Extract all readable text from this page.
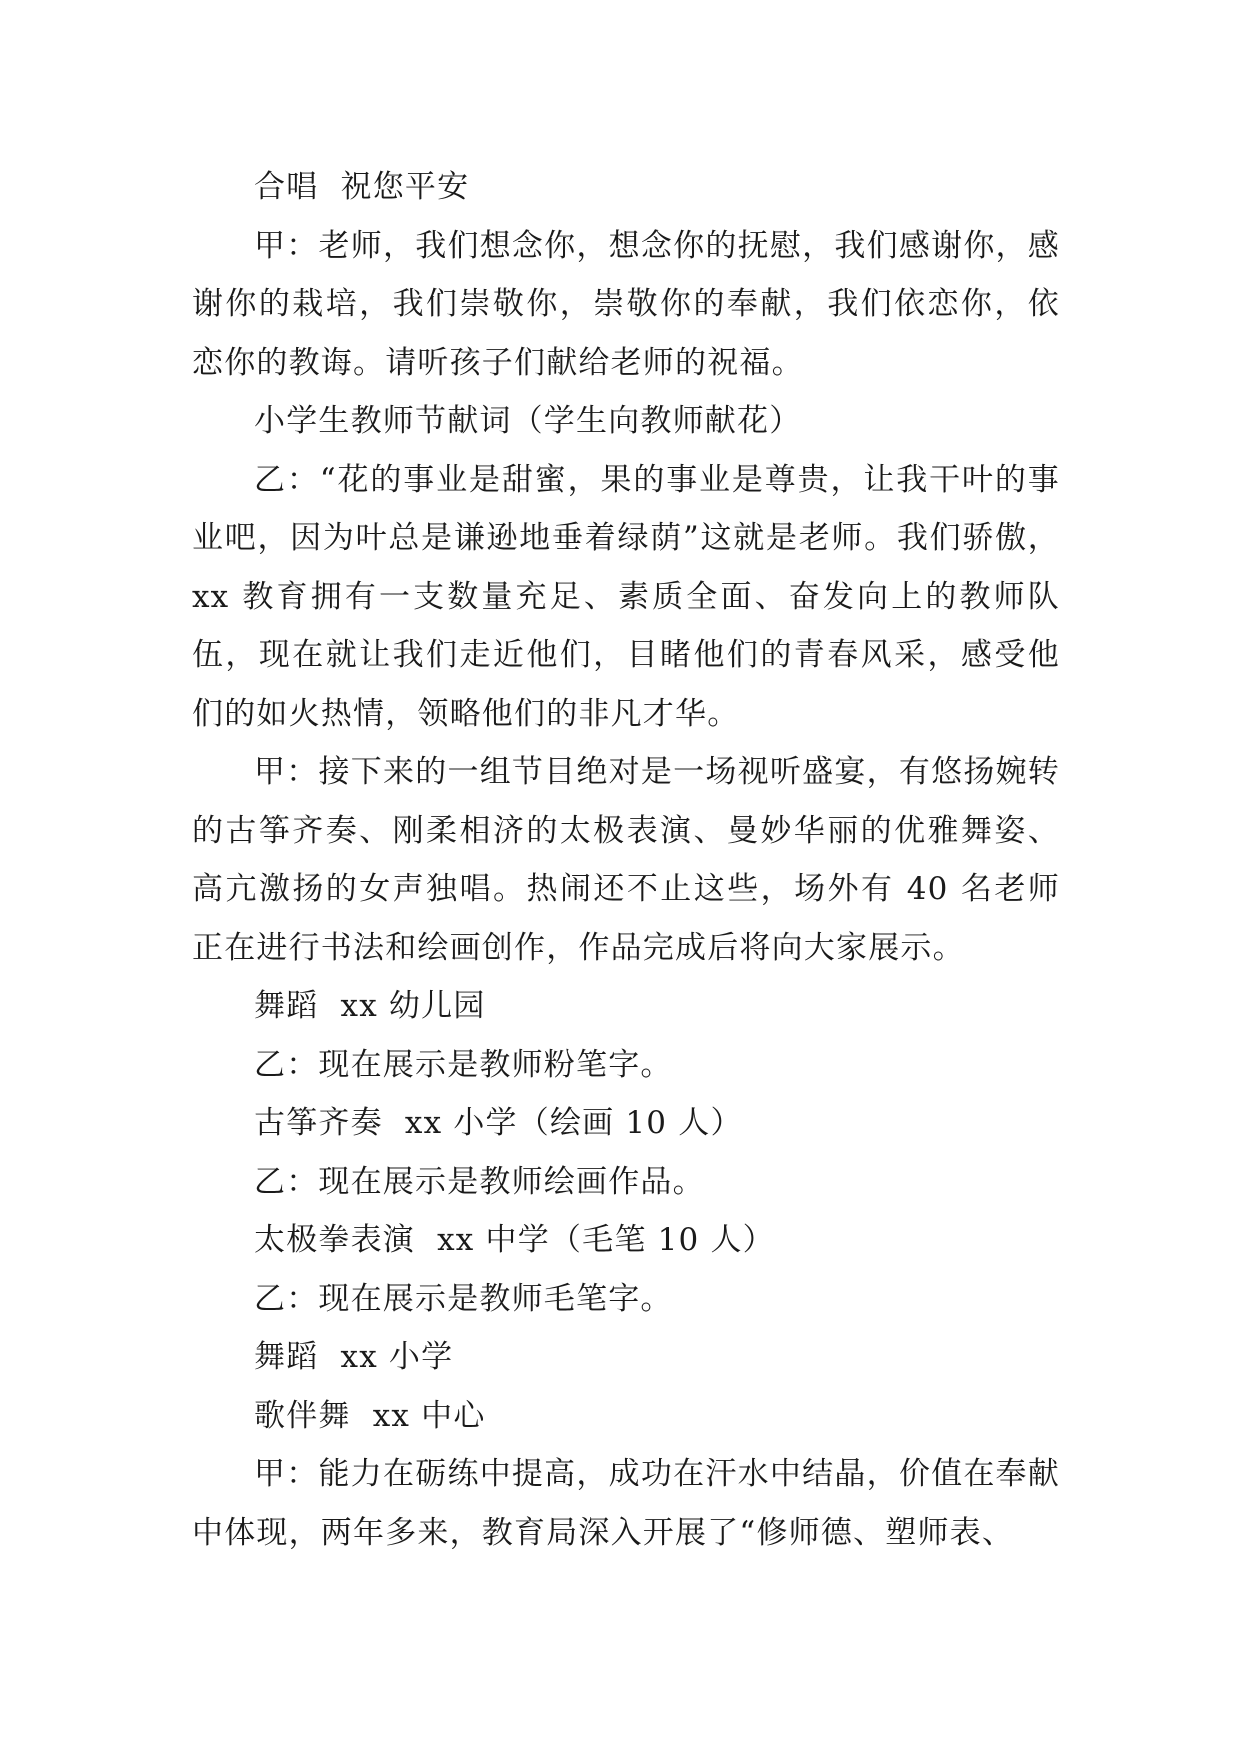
合唱  祝您平安

甲：老师，我们想念你，想念你的抚慰，我们感谢你，感谢你的栽培，我们崇敬你，崇敬你的奉献，我们依恋你，依恋你的教诲。请听孩子们献给老师的祝福。

小学生教师节献词（学生向教师献花）

乙：“花的事业是甜蜜，果的事业是尊贵，让我干叶的事业吧，因为叶总是谦逊地垂着绿荫”这就是老师。我们骄傲，xx 教育拥有一支数量充足、素质全面、奋发向上的教师队伍，现在就让我们走近他们，目睹他们的青春风采，感受他们的如火热情，领略他们的非凡才华。

甲：接下来的一组节目绝对是一场视听盛宴，有悠扬婉转的古筝齐奏、刚柔相济的太极表演、曼妙华丽的优雅舞姿、高亢激扬的女声独唱。热闹还不止这些，场外有 40 名老师正在进行书法和绘画创作，作品完成后将向大家展示。

舞蹈  xx 幼儿园

乙：现在展示是教师粉笔字。

古筝齐奏  xx 小学（绘画 10 人）

乙：现在展示是教师绘画作品。

太极拳表演  xx 中学（毛笔 10 人）

乙：现在展示是教师毛笔字。

舞蹈  xx 小学

歌伴舞  xx 中心

甲：能力在砺练中提高，成功在汗水中结晶，价值在奉献中体现，两年多来，教育局深入开展了“修师德、塑师表、
